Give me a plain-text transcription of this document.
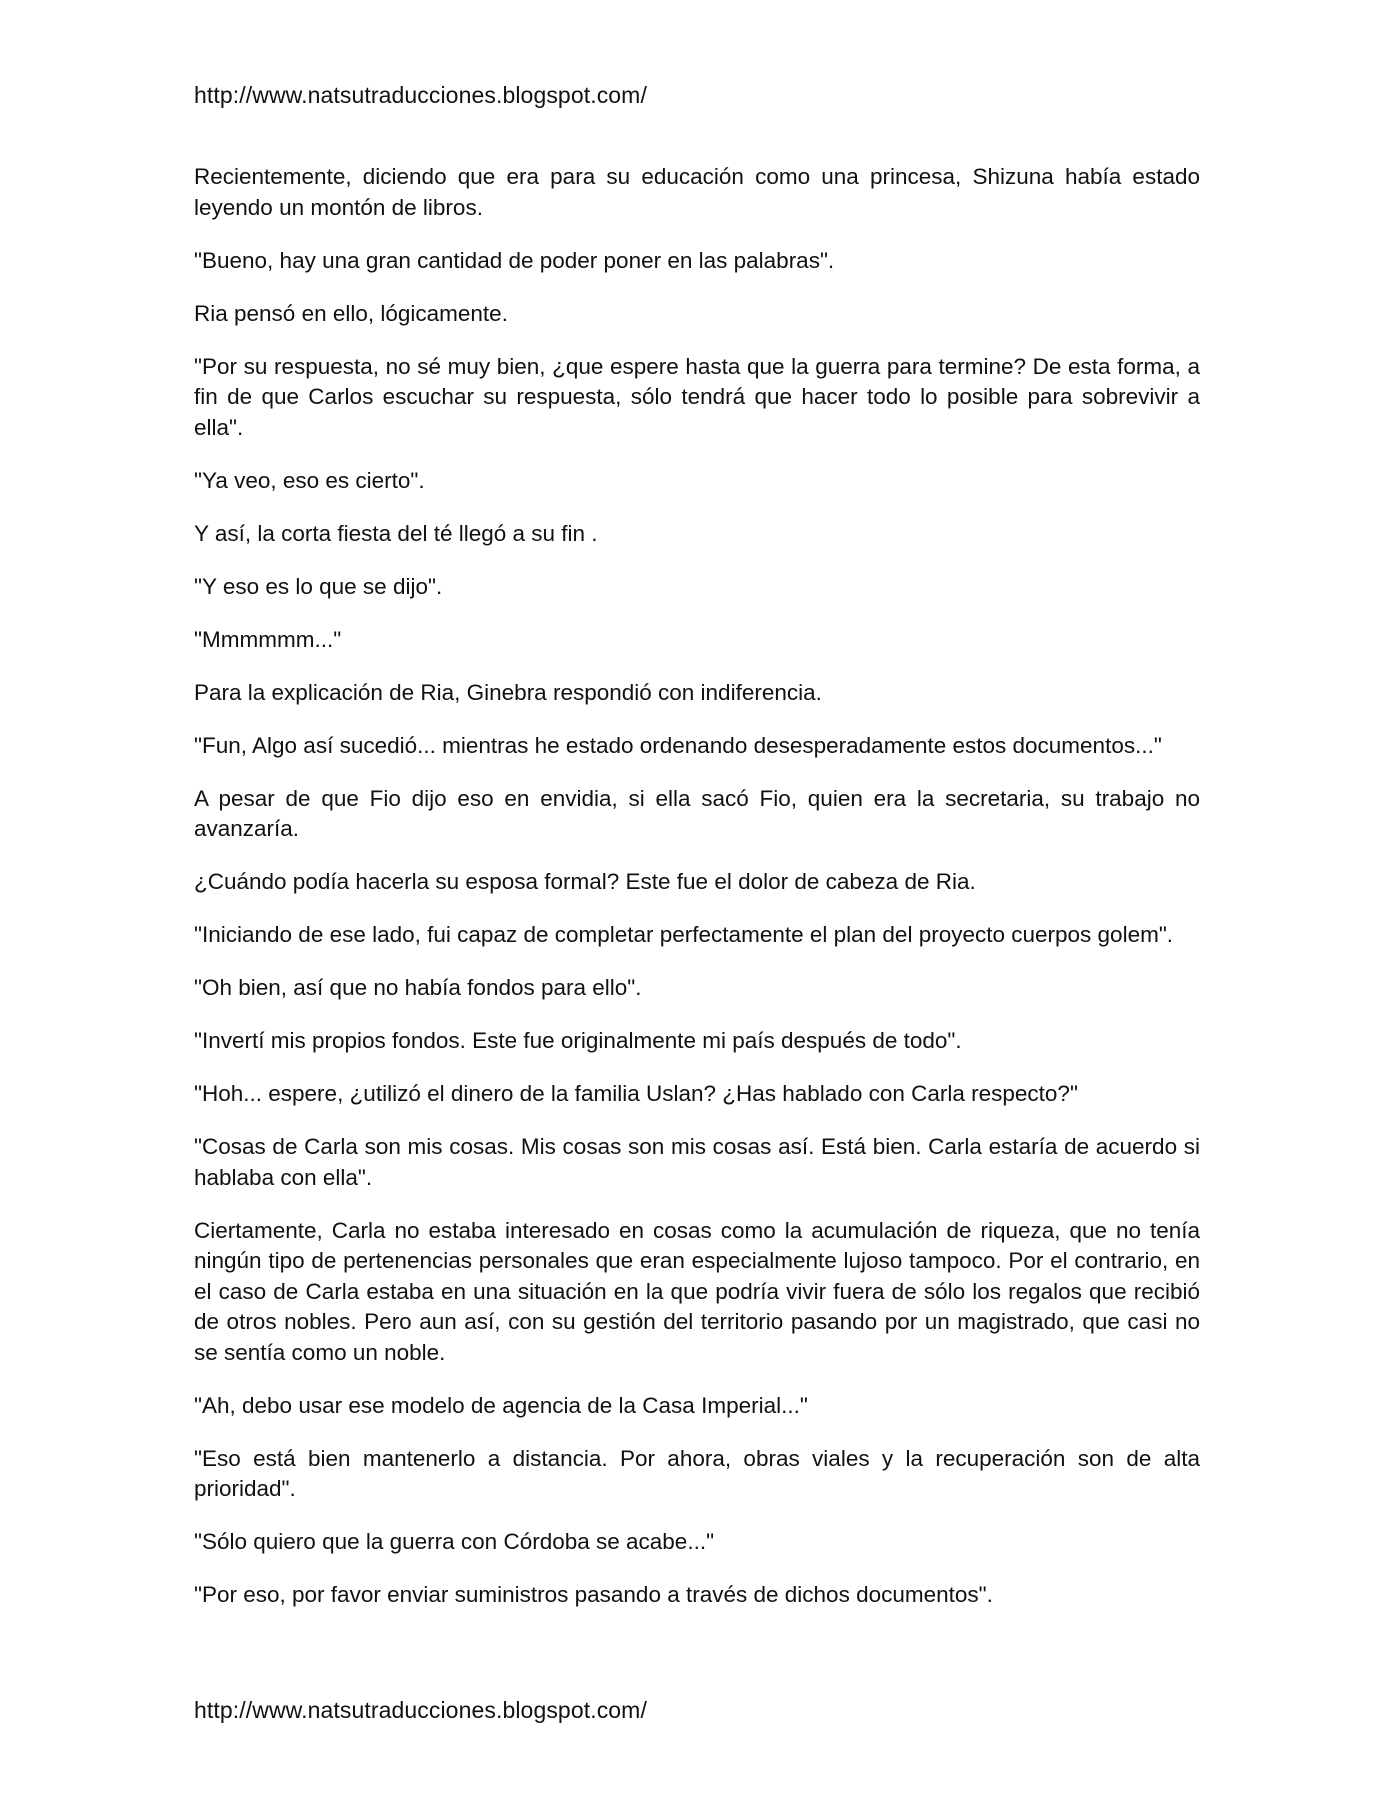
http://www.natsutraducciones.blogspot.com/

Recientemente, diciendo que era para su educación como una princesa, Shizuna había estado leyendo un montón de libros.

"Bueno, hay una gran cantidad de poder poner en las palabras".

Ria pensó en ello, lógicamente.

"Por su respuesta, no sé muy bien, ¿que espere hasta que la guerra para termine? De esta forma, a fin de que Carlos escuchar su respuesta, sólo tendrá que hacer todo lo posible para sobrevivir a ella".

"Ya veo, eso es cierto".

Y así, la corta fiesta del té llegó a su fin .

"Y eso es lo que se dijo".

"Mmmmmm..."

Para la explicación de Ria, Ginebra respondió con indiferencia.

"Fun, Algo así sucedió... mientras he estado ordenando desesperadamente estos documentos..."

A pesar de que Fio dijo eso en envidia, si ella sacó Fio, quien era la secretaria, su trabajo no avanzaría.

¿Cuándo podía hacerla su esposa formal? Este fue el dolor de cabeza de Ria.

"Iniciando de ese lado, fui capaz de completar perfectamente el plan del proyecto cuerpos golem".

"Oh bien, así que no había fondos para ello".

"Invertí mis propios fondos. Este fue originalmente mi país después de todo".

"Hoh... espere, ¿utilizó el dinero de la familia Uslan? ¿Has hablado con Carla respecto?"

"Cosas de Carla son mis cosas. Mis cosas son mis cosas así. Está bien. Carla estaría de acuerdo si hablaba con ella".

Ciertamente, Carla no estaba interesado en cosas como la acumulación de riqueza, que no tenía ningún tipo de pertenencias personales que eran especialmente lujoso tampoco. Por el contrario, en el caso de Carla estaba en una situación en la que podría vivir fuera de sólo los regalos que recibió de otros nobles. Pero aun así, con su gestión del territorio pasando por un magistrado, que casi no se sentía como un noble.

"Ah, debo usar ese modelo de agencia de la Casa Imperial..."

"Eso está bien mantenerlo a distancia. Por ahora, obras viales y la recuperación son de alta prioridad".

"Sólo quiero que la guerra con Córdoba se acabe..."

"Por eso, por favor enviar suministros pasando a través de dichos documentos".

http://www.natsutraducciones.blogspot.com/
